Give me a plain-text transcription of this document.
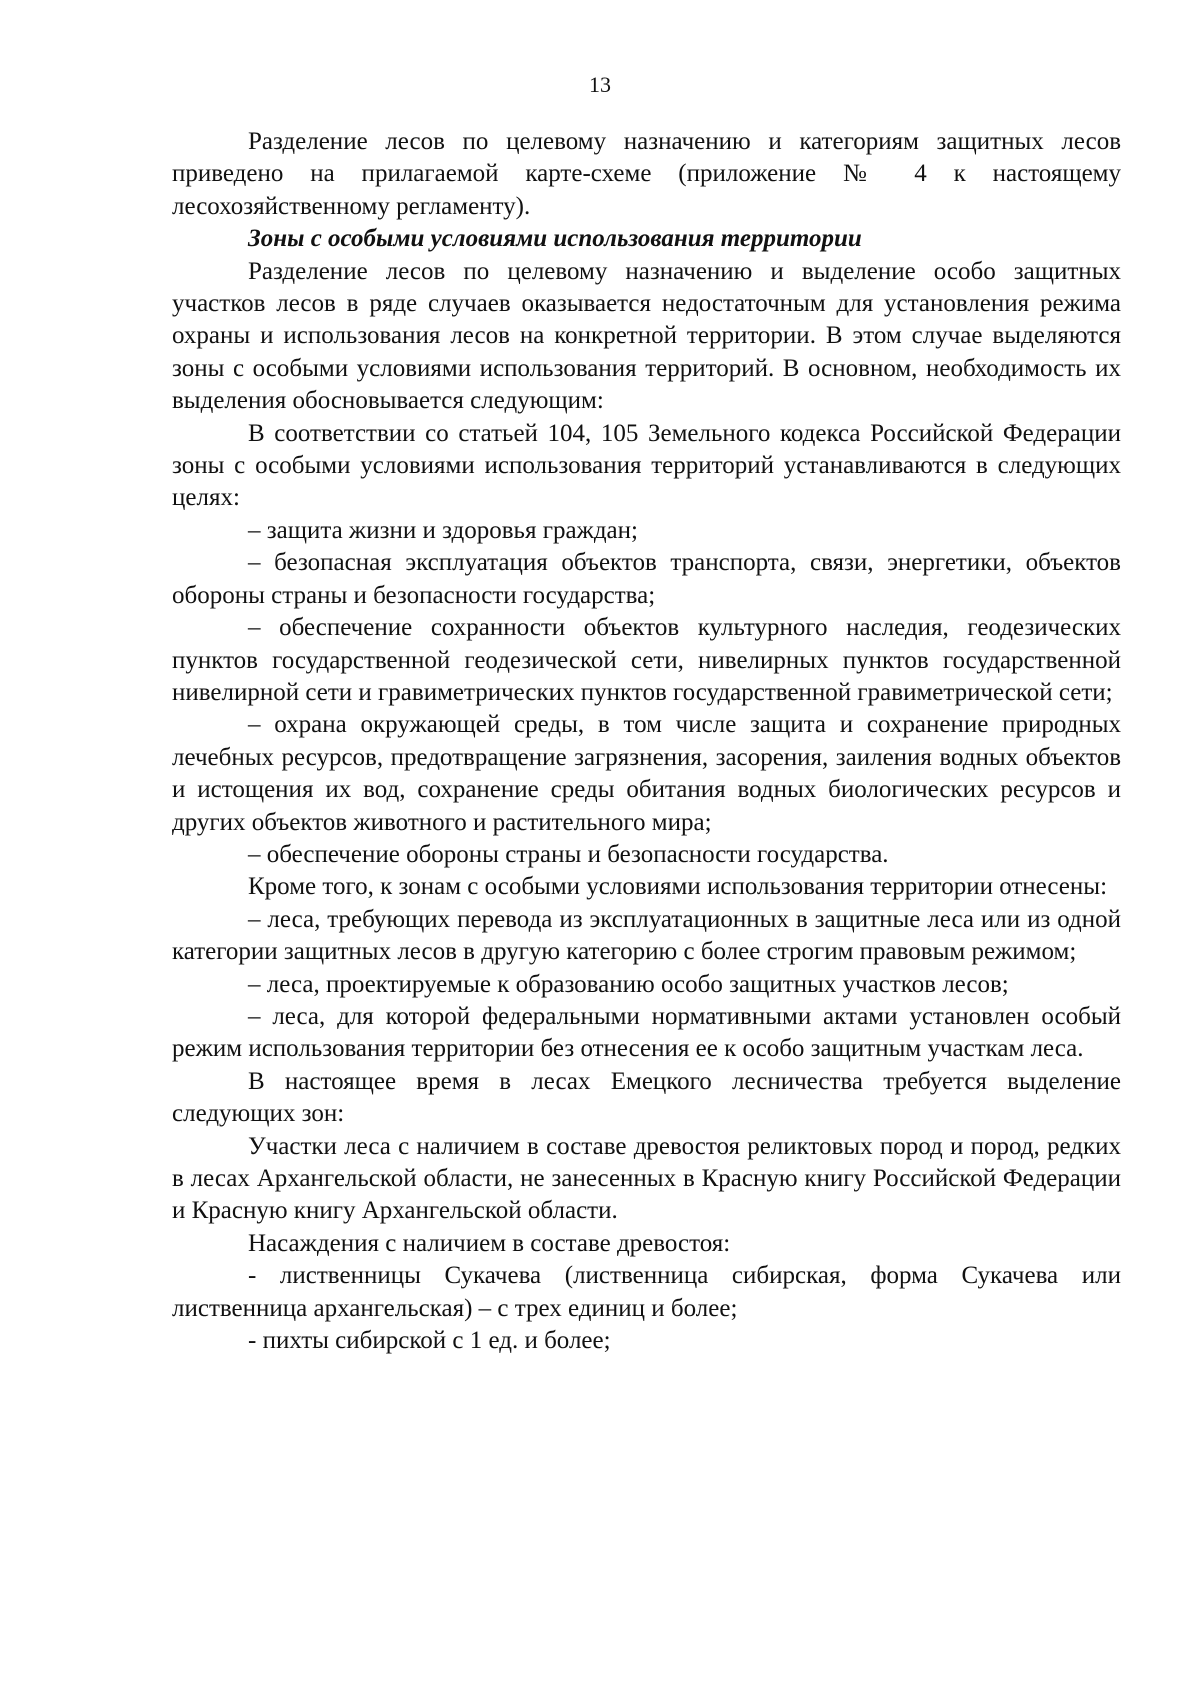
13

Разделение лесов по целевому назначению и категориям защитных лесов приведено на прилагаемой карте-схеме (приложение № 4 к настоящему лесохозяйственному регламенту).

Зоны с особыми условиями использования территории

Разделение лесов по целевому назначению и выделение особо защитных участков лесов в ряде случаев оказывается недостаточным для установления режима охраны и использования лесов на конкретной территории. В этом случае выделяются зоны с особыми условиями использования территорий. В основном, необходимость их выделения обосновывается следующим:

В соответствии со статьей 104, 105 Земельного кодекса Российской Федерации зоны с особыми условиями использования территорий устанавливаются в следующих целях:

– защита жизни и здоровья граждан;

– безопасная эксплуатация объектов транспорта, связи, энергетики, объектов обороны страны и безопасности государства;

– обеспечение сохранности объектов культурного наследия, геодезических пунктов государственной геодезической сети, нивелирных пунктов государственной нивелирной сети и гравиметрических пунктов государственной гравиметрической сети;

– охрана окружающей среды, в том числе защита и сохранение природных лечебных ресурсов, предотвращение загрязнения, засорения, заиления водных объектов и истощения их вод, сохранение среды обитания водных биологических ресурсов и других объектов животного и растительного мира;

– обеспечение обороны страны и безопасности государства.

Кроме того, к зонам с особыми условиями использования территории отнесены:

– леса, требующих перевода из эксплуатационных в защитные леса или из одной категории защитных лесов в другую категорию с более строгим правовым режимом;

– леса, проектируемые к образованию особо защитных участков лесов;

– леса, для которой федеральными нормативными актами установлен особый режим использования территории без отнесения ее к особо защитным участкам леса.

В настоящее время в лесах Емецкого лесничества требуется выделение следующих зон:

Участки леса с наличием в составе древостоя реликтовых пород и пород, редких в лесах Архангельской области, не занесенных в Красную книгу Российской Федерации и Красную книгу Архангельской области.

Насаждения с наличием в составе древостоя:

- лиственницы Сукачева (лиственница сибирская, форма Сукачева или лиственница архангельская) – с трех единиц и более;

- пихты сибирской с 1 ед. и более;
